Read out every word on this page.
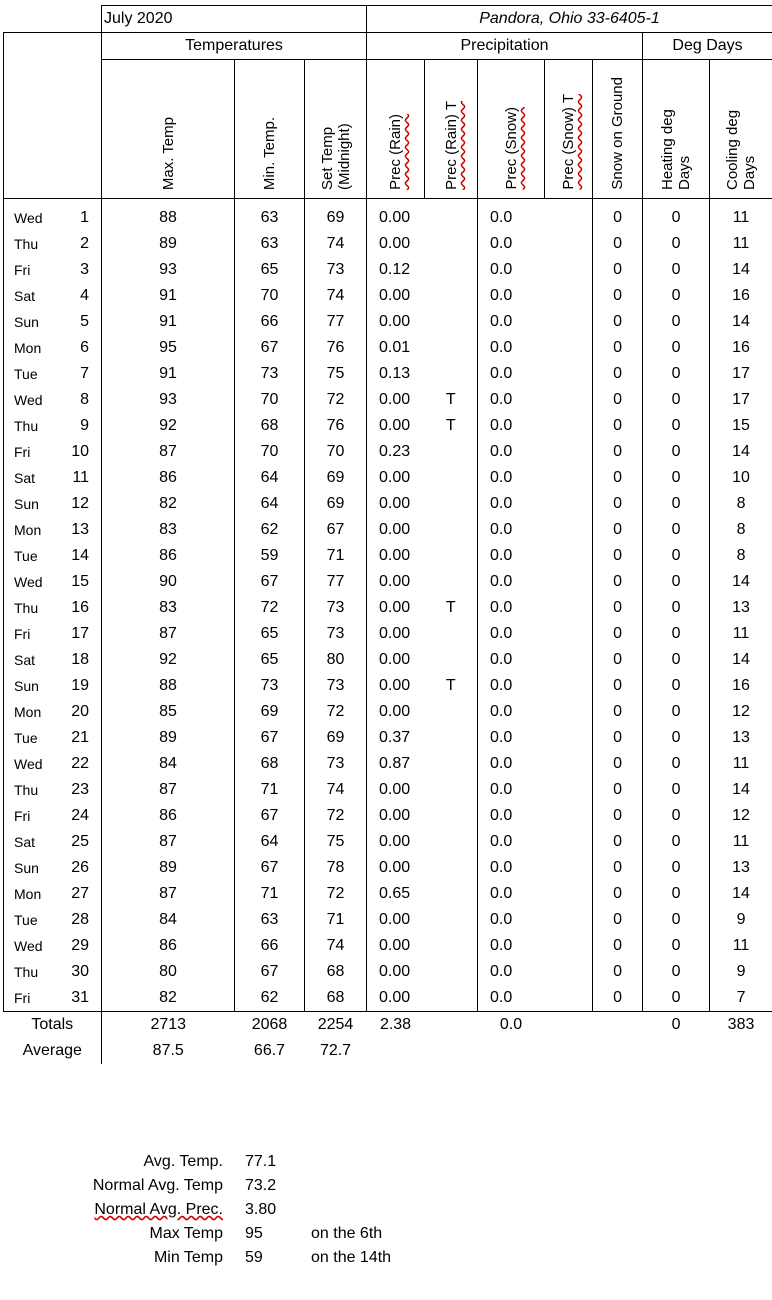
	July 2020			Pandora, Ohio 33-6405-1						
	Temperatures			Precipitation					Deg Days	

	Max. Temp	Min. Temp.	Set Temp (Midnight)	Prec (Rain)	Prec (Rain) T	Prec (Snow)	Prec (Snow) T	Snow on Ground	Heating deg Days	Cooling deg Days

Wed 1	88	63	69	0.00		0.0		0	0	11
Thu 2	89	63	74	0.00		0.0		0	0	11
Fri 3	93	65	73	0.12		0.0		0	0	14
Sat 4	91	70	74	0.00		0.0		0	0	16
Sun 5	91	66	77	0.00		0.0		0	0	14
Mon 6	95	67	76	0.01		0.0		0	0	16
Tue 7	91	73	75	0.13		0.0		0	0	17
Wed 8	93	70	72	0.00	T	0.0		0	0	17
Thu 9	92	68	76	0.00	T	0.0		0	0	15
Fri 10	87	70	70	0.23		0.0		0	0	14
Sat 11	86	64	69	0.00		0.0		0	0	10
Sun 12	82	64	69	0.00		0.0		0	0	8
Mon 13	83	62	67	0.00		0.0		0	0	8
Tue 14	86	59	71	0.00		0.0		0	0	8
Wed 15	90	67	77	0.00		0.0		0	0	14
Thu 16	83	72	73	0.00	T	0.0		0	0	13
Fri 17	87	65	73	0.00		0.0		0	0	11
Sat 18	92	65	80	0.00		0.0		0	0	14
Sun 19	88	73	73	0.00	T	0.0		0	0	16
Mon 20	85	69	72	0.00		0.0		0	0	12
Tue 21	89	67	69	0.37		0.0		0	0	13
Wed 22	84	68	73	0.87		0.0		0	0	11
Thu 23	87	71	74	0.00		0.0		0	0	14
Fri 24	86	67	72	0.00		0.0		0	0	12
Sat 25	87	64	75	0.00		0.0		0	0	11
Sun 26	89	67	78	0.00		0.0		0	0	13
Mon 27	87	71	72	0.65		0.0		0	0	14
Tue 28	84	63	71	0.00		0.0		0	0	9
Wed 29	86	66	74	0.00		0.0		0	0	11
Thu 30	80	67	68	0.00		0.0		0	0	9
Fri 31	82	62	68	0.00		0.0		0	0	7
Totals	2713	2068	2254	2.38		0.0			0	383
Average	87.5	66.7	72.7							
Avg. Temp. 77.1
Normal Avg. Temp 73.2
Normal Avg. Prec. 3.80
Max Temp 95	on the 6th
Min Temp 59	on the 14th
